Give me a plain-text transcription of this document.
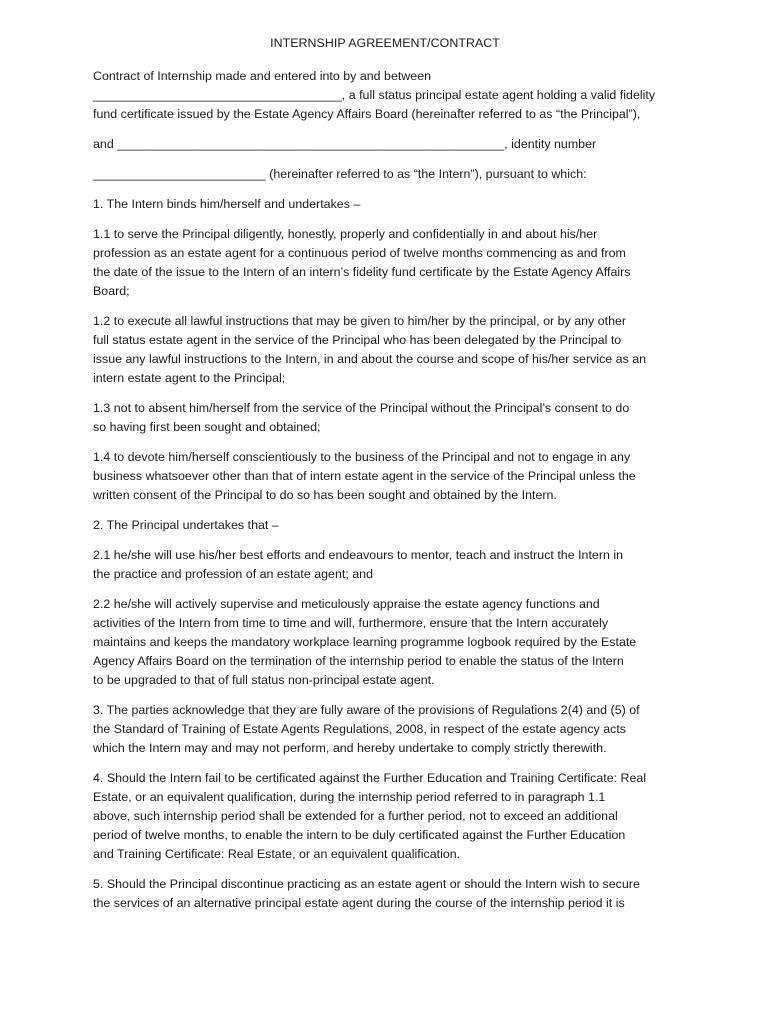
INTERNSHIP AGREEMENT/CONTRACT
Contract of Internship made and entered into by and between
____________________________________, a full status principal estate agent holding a valid fidelity
fund certificate issued by the Estate Agency Affairs Board (hereinafter referred to as “the Principal”),
and ________________________________________________________, identity number
_________________________ (hereinafter referred to as “the Intern”), pursuant to which:
1. The Intern binds him/herself and undertakes –
1.1 to serve the Principal diligently, honestly, properly and confidentially in and about his/her
profession as an estate agent for a continuous period of twelve months commencing as and from
the date of the issue to the Intern of an intern’s fidelity fund certificate by the Estate Agency Affairs
Board;
1.2 to execute all lawful instructions that may be given to him/her by the principal, or by any other
full status estate agent in the service of the Principal who has been delegated by the Principal to
issue any lawful instructions to the Intern, in and about the course and scope of his/her service as an
intern estate agent to the Principal;
1.3 not to absent him/herself from the service of the Principal without the Principal’s consent to do
so having first been sought and obtained;
1.4 to devote him/herself conscientiously to the business of the Principal and not to engage in any
business whatsoever other than that of intern estate agent in the service of the Principal unless the
written consent of the Principal to do so has been sought and obtained by the Intern.
2. The Principal undertakes that –
2.1 he/she will use his/her best efforts and endeavours to mentor, teach and instruct the Intern in
the practice and profession of an estate agent; and
2.2 he/she will actively supervise and meticulously appraise the estate agency functions and
activities of the Intern from time to time and will, furthermore, ensure that the Intern accurately
maintains and keeps the mandatory workplace learning programme logbook required by the Estate
Agency Affairs Board on the termination of the internship period to enable the status of the Intern
to be upgraded to that of full status non-principal estate agent.
3. The parties acknowledge that they are fully aware of the provisions of Regulations 2(4) and (5) of
the Standard of Training of Estate Agents Regulations, 2008, in respect of the estate agency acts
which the Intern may and may not perform, and hereby undertake to comply strictly therewith.
4. Should the Intern fail to be certificated against the Further Education and Training Certificate: Real
Estate, or an equivalent qualification, during the internship period referred to in paragraph 1.1
above, such internship period shall be extended for a further period, not to exceed an additional
period of twelve months, to enable the intern to be duly certificated against the Further Education
and Training Certificate: Real Estate, or an equivalent qualification.
5. Should the Principal discontinue practicing as an estate agent or should the Intern wish to secure
the services of an alternative principal estate agent during the course of the internship period it is
